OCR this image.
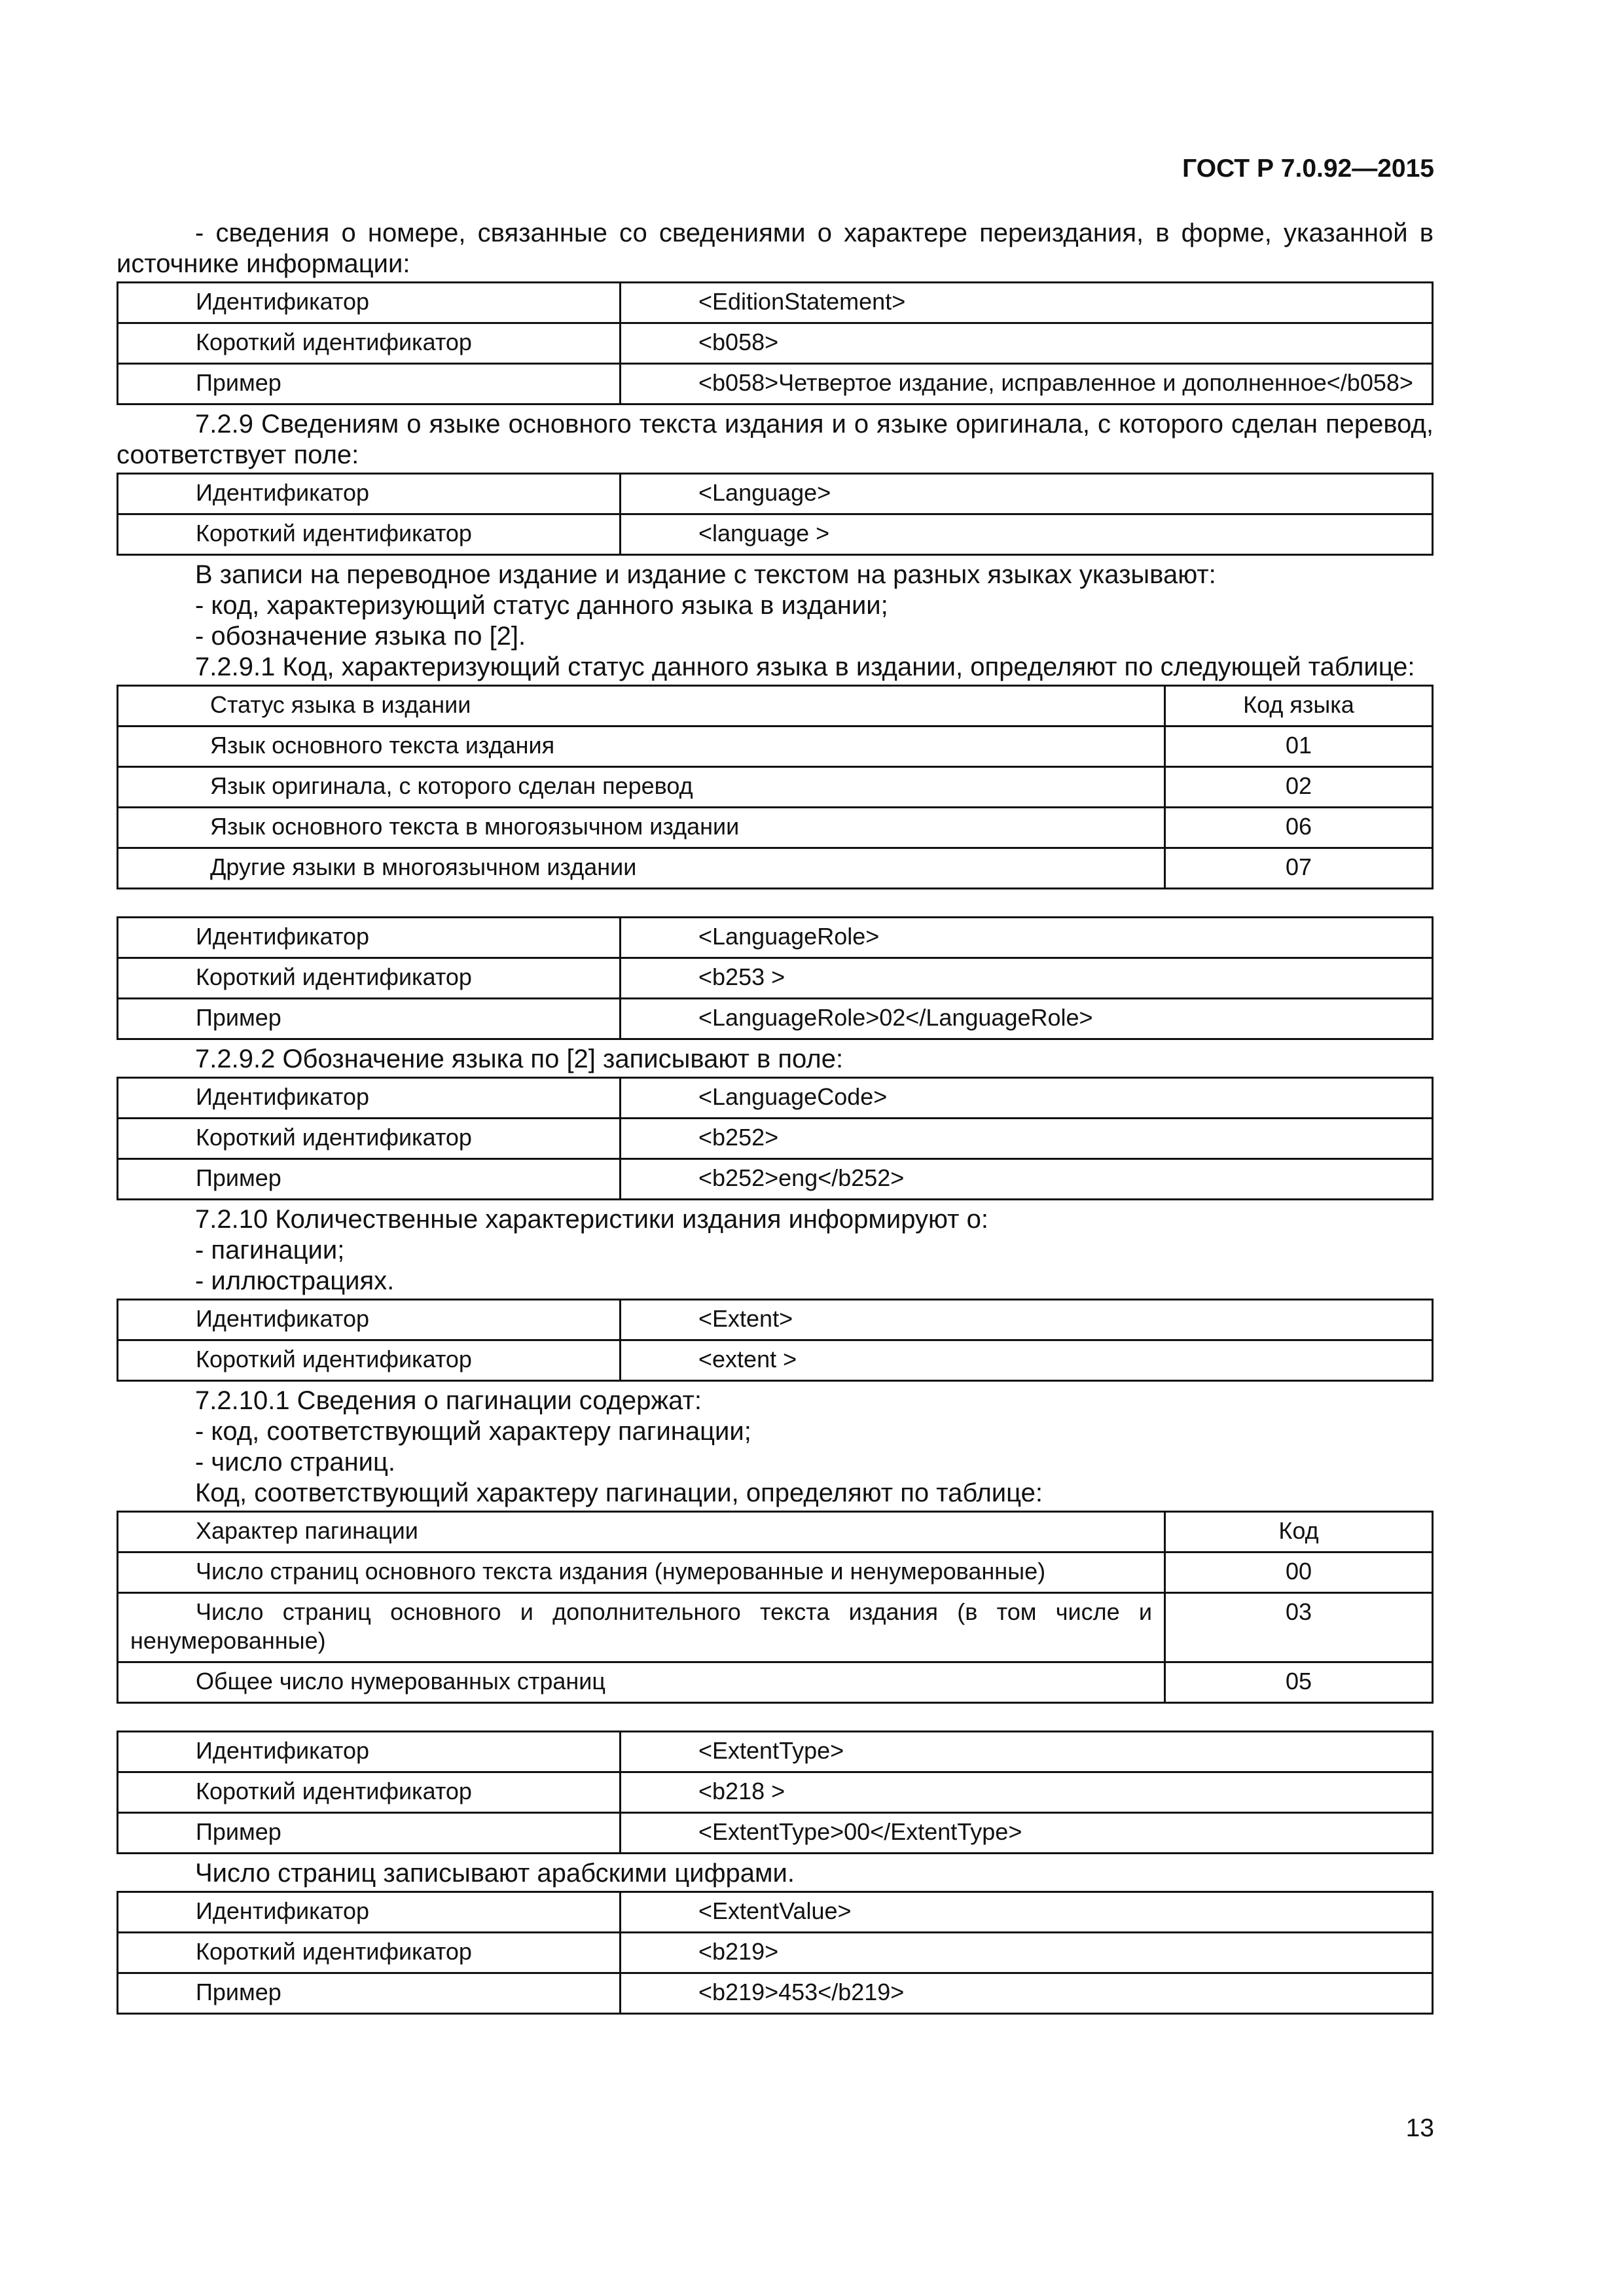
ГОСТ Р 7.0.92—2015

- сведения о номере, связанные со сведениями о характере переиздания, в форме, указанной в источнике информации:

Идентификатор	<EditionStatement>
Короткий идентификатор	<b058>
Пример	<b058>Четвертое издание, исправленное и дополненное</b058>

7.2.9 Сведениям о языке основного текста издания и о языке оригинала, с которого сделан перевод, соответствует поле:

Идентификатор	<Language>
Короткий идентификатор	<language >

В записи на переводное издание и издание с текстом на разных языках указывают:

- код, характеризующий статус данного языка в издании;

- обозначение языка по [2].

7.2.9.1 Код, характеризующий статус данного языка в издании, определяют по следующей таблице:

Статус языка в издании	Код языка
Язык основного текста издания	01
Язык оригинала, с которого сделан перевод	02
Язык основного текста в многоязычном издании	06
Другие языки в многоязычном издании	07
Идентификатор	<LanguageRole>
Короткий идентификатор	<b253 >
Пример	<LanguageRole>02</LanguageRole>

7.2.9.2 Обозначение языка по [2] записывают в поле:

Идентификатор	<LanguageCode>
Короткий идентификатор	<b252>
Пример	<b252>eng</b252>

7.2.10 Количественные характеристики издания информируют о:

- пагинации;

- иллюстрациях.

Идентификатор	<Extent>
Короткий идентификатор	<extent >

7.2.10.1 Сведения о пагинации содержат:

- код, соответствующий характеру пагинации;

- число страниц.

Код, соответствующий характеру пагинации, определяют по таблице:

Характер пагинации	Код
Число страниц основного текста издания (нумерованные и ненумерованные)	00
Число страниц основного и дополнительного текста издания (в том числе и ненумерованные)	03
Общее число нумерованных страниц	05
Идентификатор	<ExtentType>
Короткий идентификатор	<b218 >
Пример	<ExtentType>00</ExtentType>

Число страниц записывают арабскими цифрами.

Идентификатор	<ExtentValue>
Короткий идентификатор	<b219>
Пример	<b219>453</b219>
13
